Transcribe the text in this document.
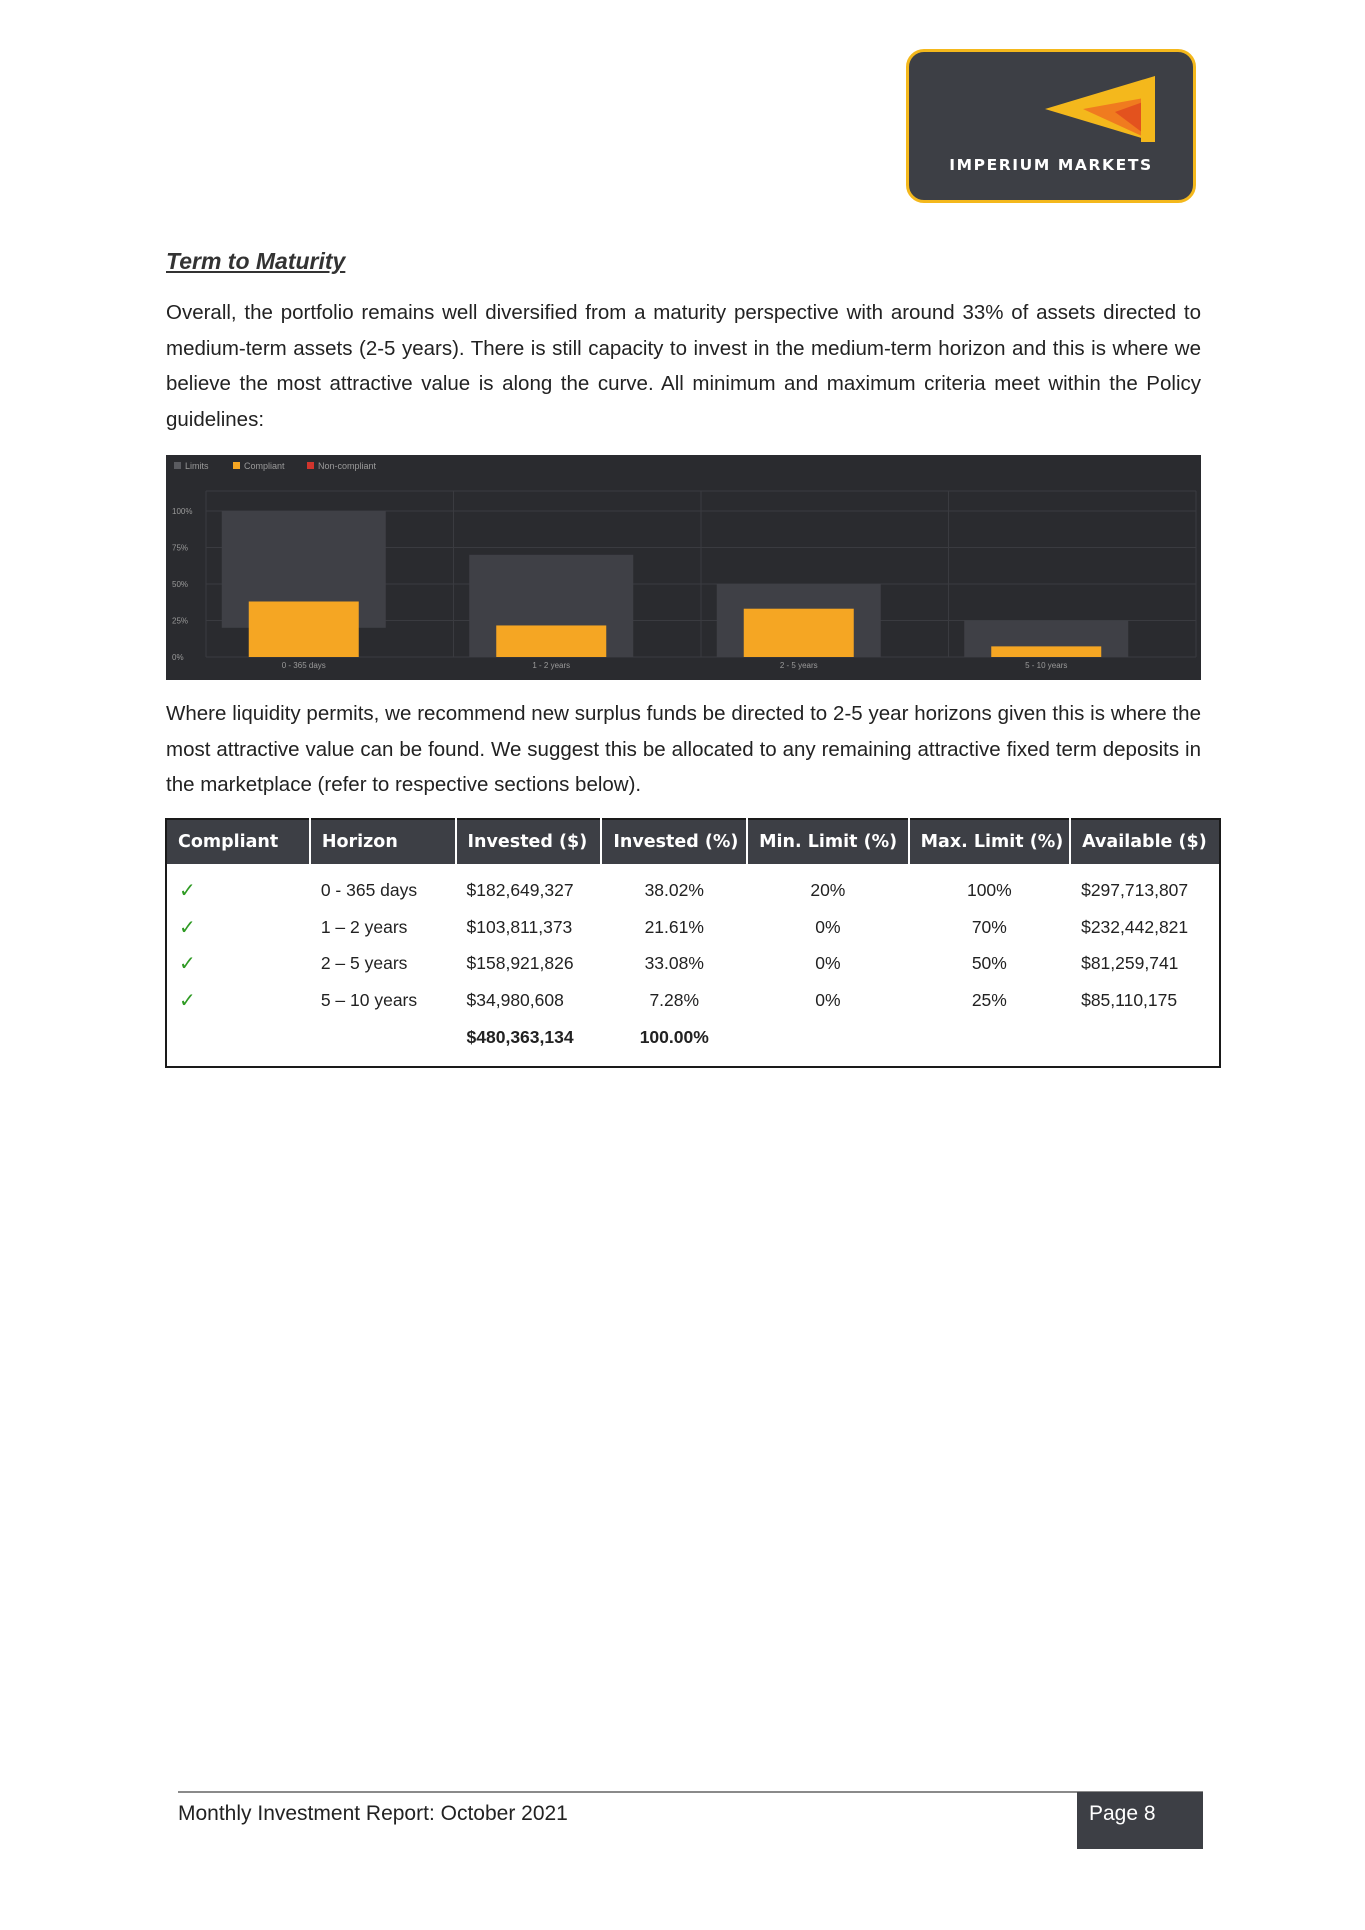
IMPERIUM MARKETS
Term to Maturity
Overall, the portfolio remains well diversified from a maturity perspective with around 33% of assets directed to medium-term assets (2-5 years). There is still capacity to invest in the medium-term horizon and this is where we believe the most attractive value is along the curve. All minimum and maximum criteria meet within the Policy guidelines:
Limits	Compliant	Non-compliant
0%
25%
50%
75%
100%
0 - 365 days	1 - 2 years	2 - 5 years	5 - 10 years
Where liquidity permits, we recommend new surplus funds be directed to 2-5 year horizons given this is where the most attractive value can be found. We suggest this be allocated to any remaining attractive fixed term deposits in the marketplace (refer to respective sections below).
Compliant	Horizon	Invested ($)	Invested (%)	Min. Limit (%)	Max. Limit (%)	Available ($)
✓	0 - 365 days	$182,649,327	38.02%	20%	100%	$297,713,807
✓	1 – 2 years	$103,811,373	21.61%	0%	70%	$232,442,821
✓	2 – 5 years	$158,921,826	33.08%	0%	50%	$81,259,741
✓	5 – 10 years	$34,980,608	7.28%	0%	25%	$85,110,175
		$480,363,134	100.00%			
Monthly Investment Report: October 2021	Page 8
